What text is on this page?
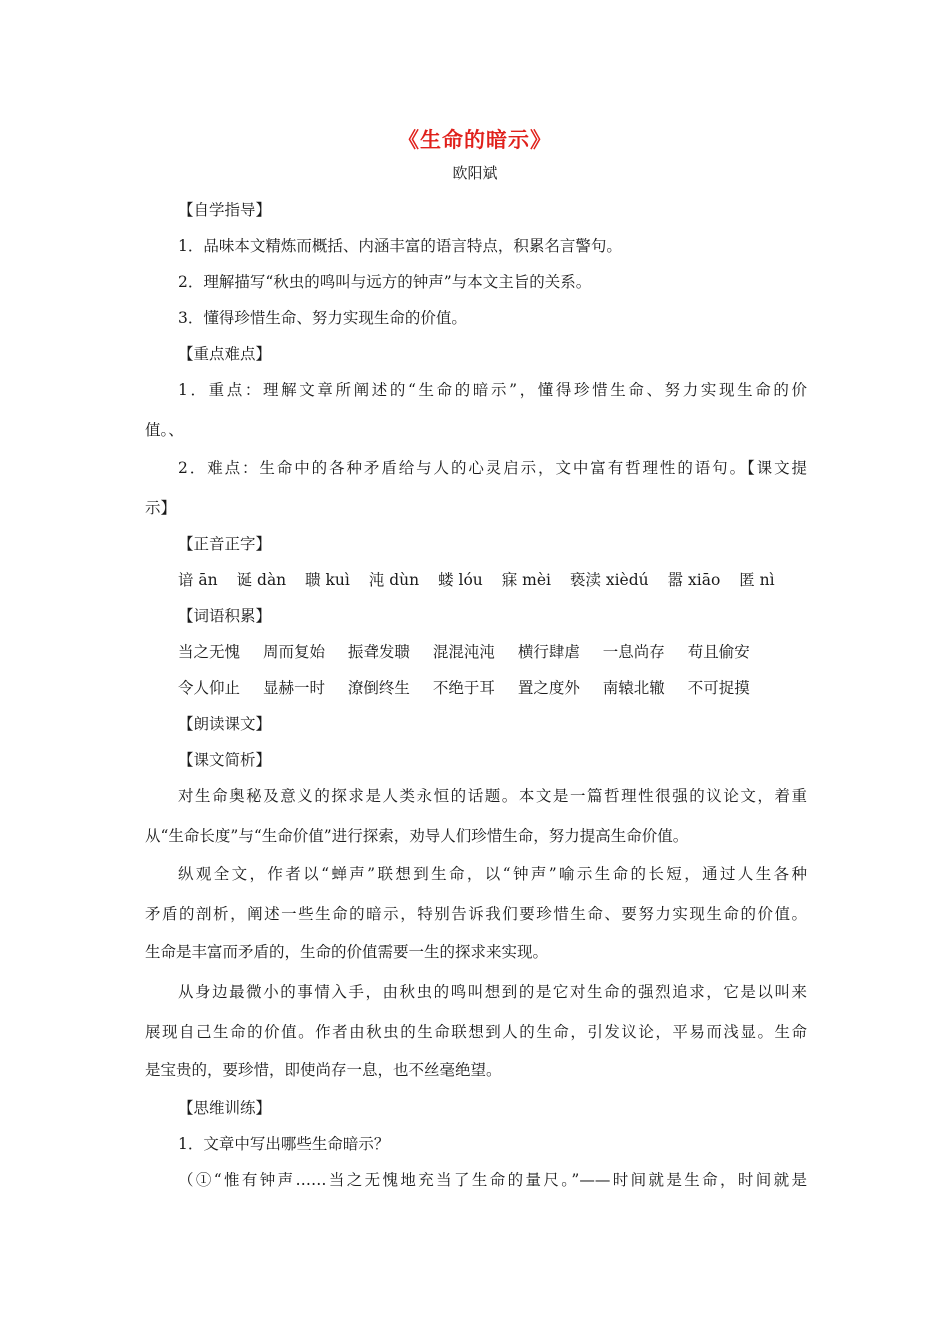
《生命的暗示》
欧阳斌
【自学指导】
1．品味本文精炼而概括、内涵丰富的语言特点，积累名言警句。
2．理解描写“秋虫的鸣叫与远方的钟声”与本文主旨的关系。
3．懂得珍惜生命、努力实现生命的价值。
【重点难点】
1．重点：理解文章所阐述的“生命的暗示”，懂得珍惜生命、努力实现生命的价
值。、
2．难点：生命中的各种矛盾给与人的心灵启示，文中富有哲理性的语句。【课文提
示】
【正音正字】
谙 ān 诞 dàn 聩 kuì 沌 dùn 蝼 lóu 寐 mèi 亵渎 xièdú 嚣 xiāo 匿 nì
【词语积累】
当之无愧 周而复始 振聋发聩 混混沌沌 横行肆虐 一息尚存 苟且偷安
令人仰止 显赫一时 潦倒终生 不绝于耳 置之度外 南辕北辙 不可捉摸
【朗读课文】
【课文简析】
对生命奥秘及意义的探求是人类永恒的话题。本文是一篇哲理性很强的议论文，着重
从“生命长度”与“生命价值”进行探索，劝导人们珍惜生命，努力提高生命价值。
纵观全文，作者以“蝉声”联想到生命，以“钟声”喻示生命的长短，通过人生各种
矛盾的剖析，阐述一些生命的暗示，特别告诉我们要珍惜生命、要努力实现生命的价值。
生命是丰富而矛盾的，生命的价值需要一生的探求来实现。
从身边最微小的事情入手，由秋虫的鸣叫想到的是它对生命的强烈追求，它是以叫来
展现自己生命的价值。作者由秋虫的生命联想到人的生命，引发议论，平易而浅显。生命
是宝贵的，要珍惜，即使尚存一息，也不丝毫绝望。
【思维训练】
1．文章中写出哪些生命暗示？
（①“惟有钟声……当之无愧地充当了生命的量尺。”——时间就是生命，时间就是
